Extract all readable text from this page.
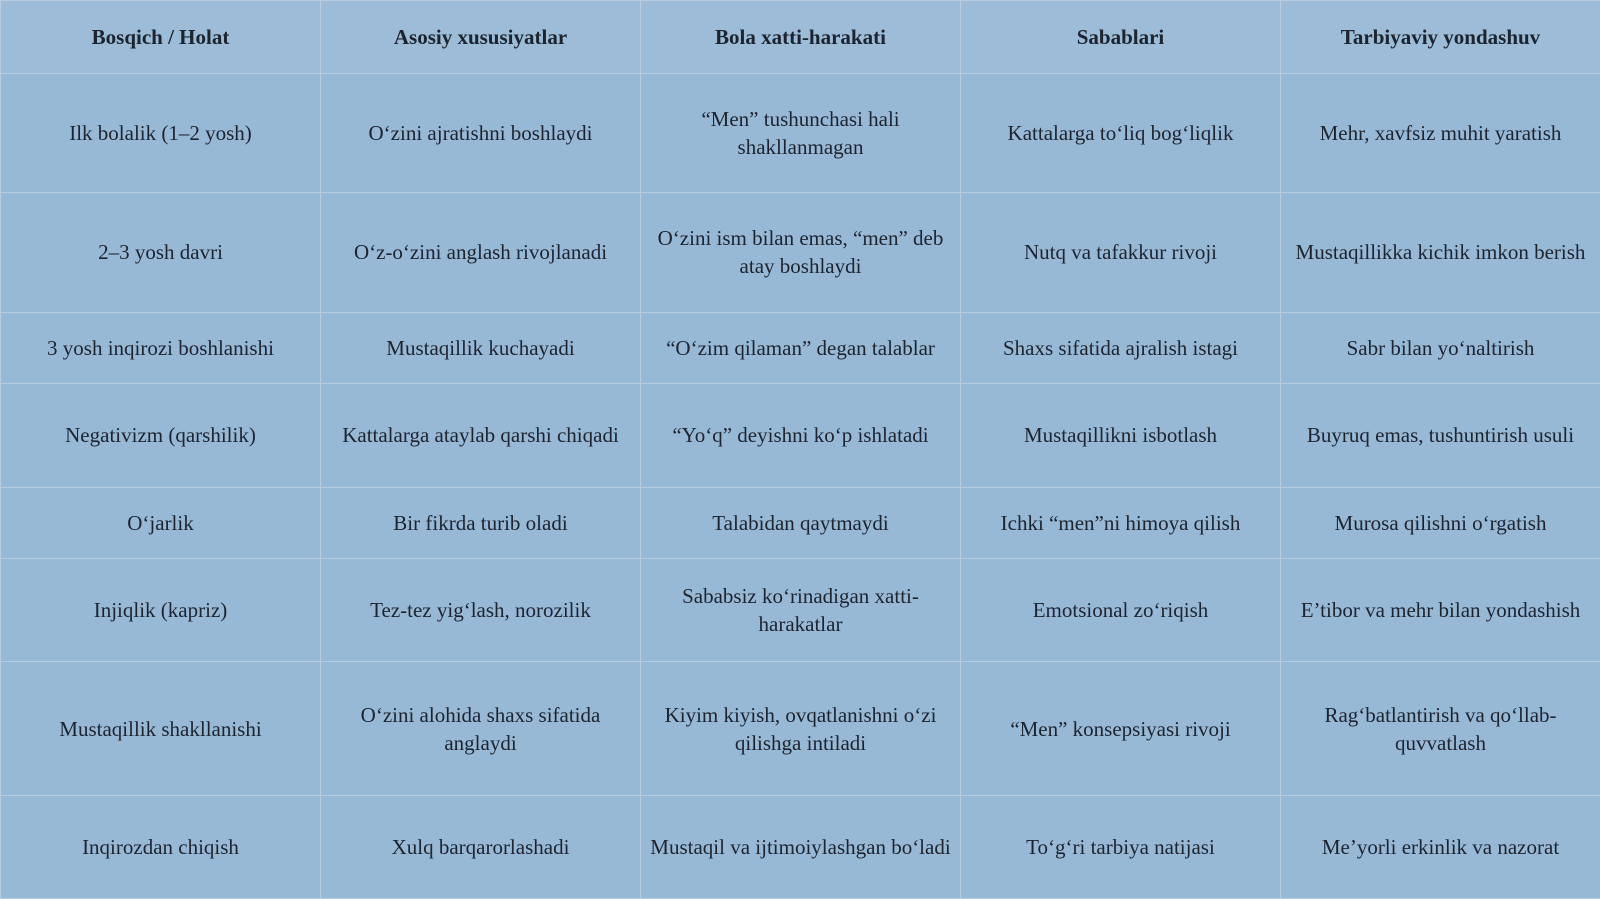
Bosqich / Holat	Asosiy xususiyatlar	Bola xatti-harakati	Sabablari	Tarbiyaviy yondashuv
Ilk bolalik (1–2 yosh)	O‘zini ajratishni boshlaydi	“Men” tushunchasi hali shakllanmagan	Kattalarga to‘liq bog‘liqlik	Mehr, xavfsiz muhit yaratish
2–3 yosh davri	O‘z-o‘zini anglash rivojlanadi	O‘zini ism bilan emas, “men” deb atay boshlaydi	Nutq va tafakkur rivoji	Mustaqillikka kichik imkon berish
3 yosh inqirozi boshlanishi	Mustaqillik kuchayadi	“O‘zim qilaman” degan talablar	Shaxs sifatida ajralish istagi	Sabr bilan yo‘naltirish
Negativizm (qarshilik)	Kattalarga ataylab qarshi chiqadi	“Yo‘q” deyishni ko‘p ishlatadi	Mustaqillikni isbotlash	Buyruq emas, tushuntirish usuli
O‘jarlik	Bir fikrda turib oladi	Talabidan qaytmaydi	Ichki “men”ni himoya qilish	Murosa qilishni o‘rgatish
Injiqlik (kapriz)	Tez-tez yig‘lash, norozilik	Sababsiz ko‘rinadigan xatti-harakatlar	Emotsional zo‘riqish	E’tibor va mehr bilan yondashish
Mustaqillik shakllanishi	O‘zini alohida shaxs sifatida anglaydi	Kiyim kiyish, ovqatlanishni o‘zi qilishga intiladi	“Men” konsepsiyasi rivoji	Rag‘batlantirish va qo‘llab-quvvatlash
Inqirozdan chiqish	Xulq barqarorlashadi	Mustaqil va ijtimoiylashgan bo‘ladi	To‘g‘ri tarbiya natijasi	Me’yorli erkinlik va nazorat
